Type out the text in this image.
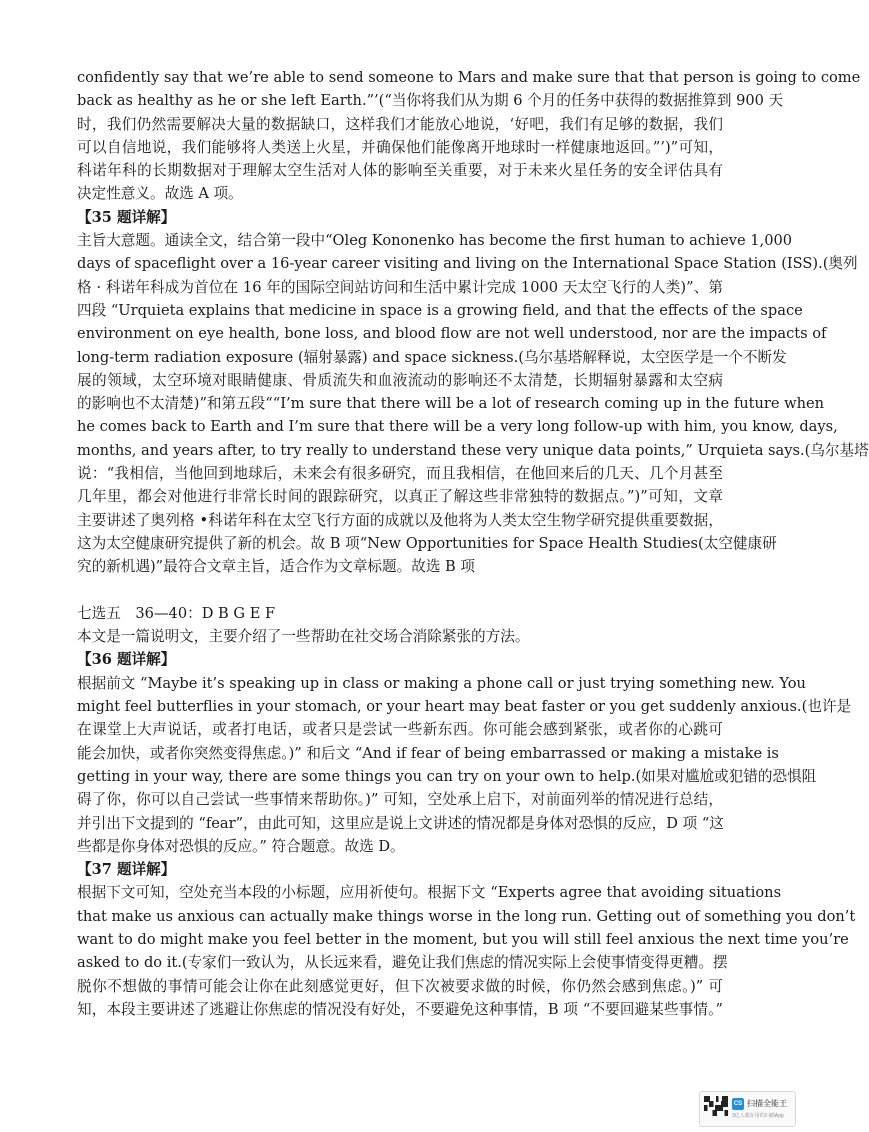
confidently say that we’re able to send someone to Mars and make sure that that person is going to come
back as healthy as he or she left Earth.”’(“当你将我们从为期 6 个月的任务中获得的数据推算到 900 天
时，我们仍然需要解决大量的数据缺口，这样我们才能放心地说，‘好吧，我们有足够的数据，我们
可以自信地说，我们能够将人类送上火星，并确保他们能像离开地球时一样健康地返回。”’)”可知，
科诺年科的长期数据对于理解太空生活对人体的影响至关重要，对于未来火星任务的安全评估具有
决定性意义。故选 A 项。
【35 题详解】
主旨大意题。通读全文，结合第一段中“Oleg Kononenko has become the first human to achieve 1,000
days of spaceflight over a 16-year career visiting and living on the International Space Station (ISS).(奥列
格 · 科诺年科成为首位在 16 年的国际空间站访问和生活中累计完成 1000 天太空飞行的人类)”、第
四段 “Urquieta explains that medicine in space is a growing field, and that the effects of the space
environment on eye health, bone loss, and blood flow are not well understood, nor are the impacts of
long-term radiation exposure (辐射暴露) and space sickness.(乌尔基塔解释说，太空医学是一个不断发
展的领域，太空环境对眼睛健康、骨质流失和血液流动的影响还不太清楚，长期辐射暴露和太空病
的影响也不太清楚)”和第五段““I’m sure that there will be a lot of research coming up in the future when
he comes back to Earth and I’m sure that there will be a very long follow-up with him, you know, days,
months, and years after, to try really to understand these very unique data points,” Urquieta says.(乌尔基塔
说：“我相信，当他回到地球后，未来会有很多研究，而且我相信，在他回来后的几天、几个月甚至
几年里，都会对他进行非常长时间的跟踪研究，以真正了解这些非常独特的数据点。”)”可知，文章
主要讲述了奥列格 •科诺年科在太空飞行方面的成就以及他将为人类太空生物学研究提供重要数据，
这为太空健康研究提供了新的机会。故 B 项“New Opportunities for Space Health Studies(太空健康研
究的新机遇)”最符合文章主旨，适合作为文章标题。故选 B 项
七选五　36—40：D B G E F
本文是一篇说明文，主要介绍了一些帮助在社交场合消除紧张的方法。
【36 题详解】
根据前文 “Maybe it’s speaking up in class or making a phone call or just trying something new. You
might feel butterflies in your stomach, or your heart may beat faster or you get suddenly anxious.(也许是
在课堂上大声说话，或者打电话，或者只是尝试一些新东西。你可能会感到紧张，或者你的心跳可
能会加快，或者你突然变得焦虑。)” 和后文 “And if fear of being embarrassed or making a mistake is
getting in your way, there are some things you can try on your own to help.(如果对尴尬或犯错的恐惧阻
碍了你，你可以自己尝试一些事情来帮助你。)” 可知，空处承上启下，对前面列举的情况进行总结，
并引出下文提到的 “fear”，由此可知，这里应是说上文讲述的情况都是身体对恐惧的反应，D 项 “这
些都是你身体对恐惧的反应。” 符合题意。故选 D。
【37 题详解】
根据下文可知，空处充当本段的小标题，应用祈使句。根据下文 “Experts agree that avoiding situations
that make us anxious can actually make things worse in the long run. Getting out of something you don’t
want to do might make you feel better in the moment, but you will still feel anxious the next time you’re
asked to do it.(专家们一致认为，从长远来看，避免让我们焦虑的情况实际上会使事情变得更糟。摆
脱你不想做的事情可能会让你在此刻感觉更好，但下次被要求做的时候，你仍然会感到焦虑。)” 可
知，本段主要讲述了逃避让你焦虑的情况没有好处，不要避免这种事情，B 项 “不要回避某些事情。”
CS 扫描全能王
3亿人都在用的扫描App
